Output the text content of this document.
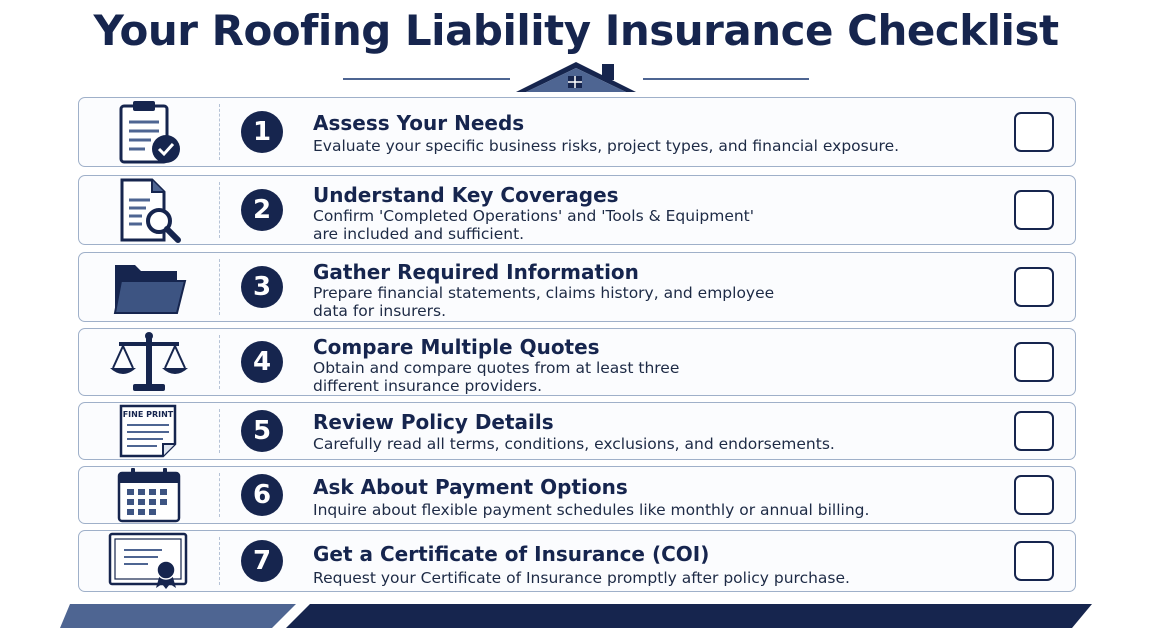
Your Roofing Liability Insurance Checklist
1	Assess Your Needs
Evaluate your specific business risks, project types, and financial exposure.
2	Understand Key Coverages
Confirm 'Completed Operations' and 'Tools & Equipment' are included and sufficient.
3	Gather Required Information
Prepare financial statements, claims history, and employee data for insurers.
4	Compare Multiple Quotes
Obtain and compare quotes from at least three different insurance providers.
FINE PRINT
5	Review Policy Details
Carefully read all terms, conditions, exclusions, and endorsements.
6	Ask About Payment Options
Inquire about flexible payment schedules like monthly or annual billing.
7	Get a Certificate of Insurance (COI)
Request your Certificate of Insurance promptly after policy purchase.
